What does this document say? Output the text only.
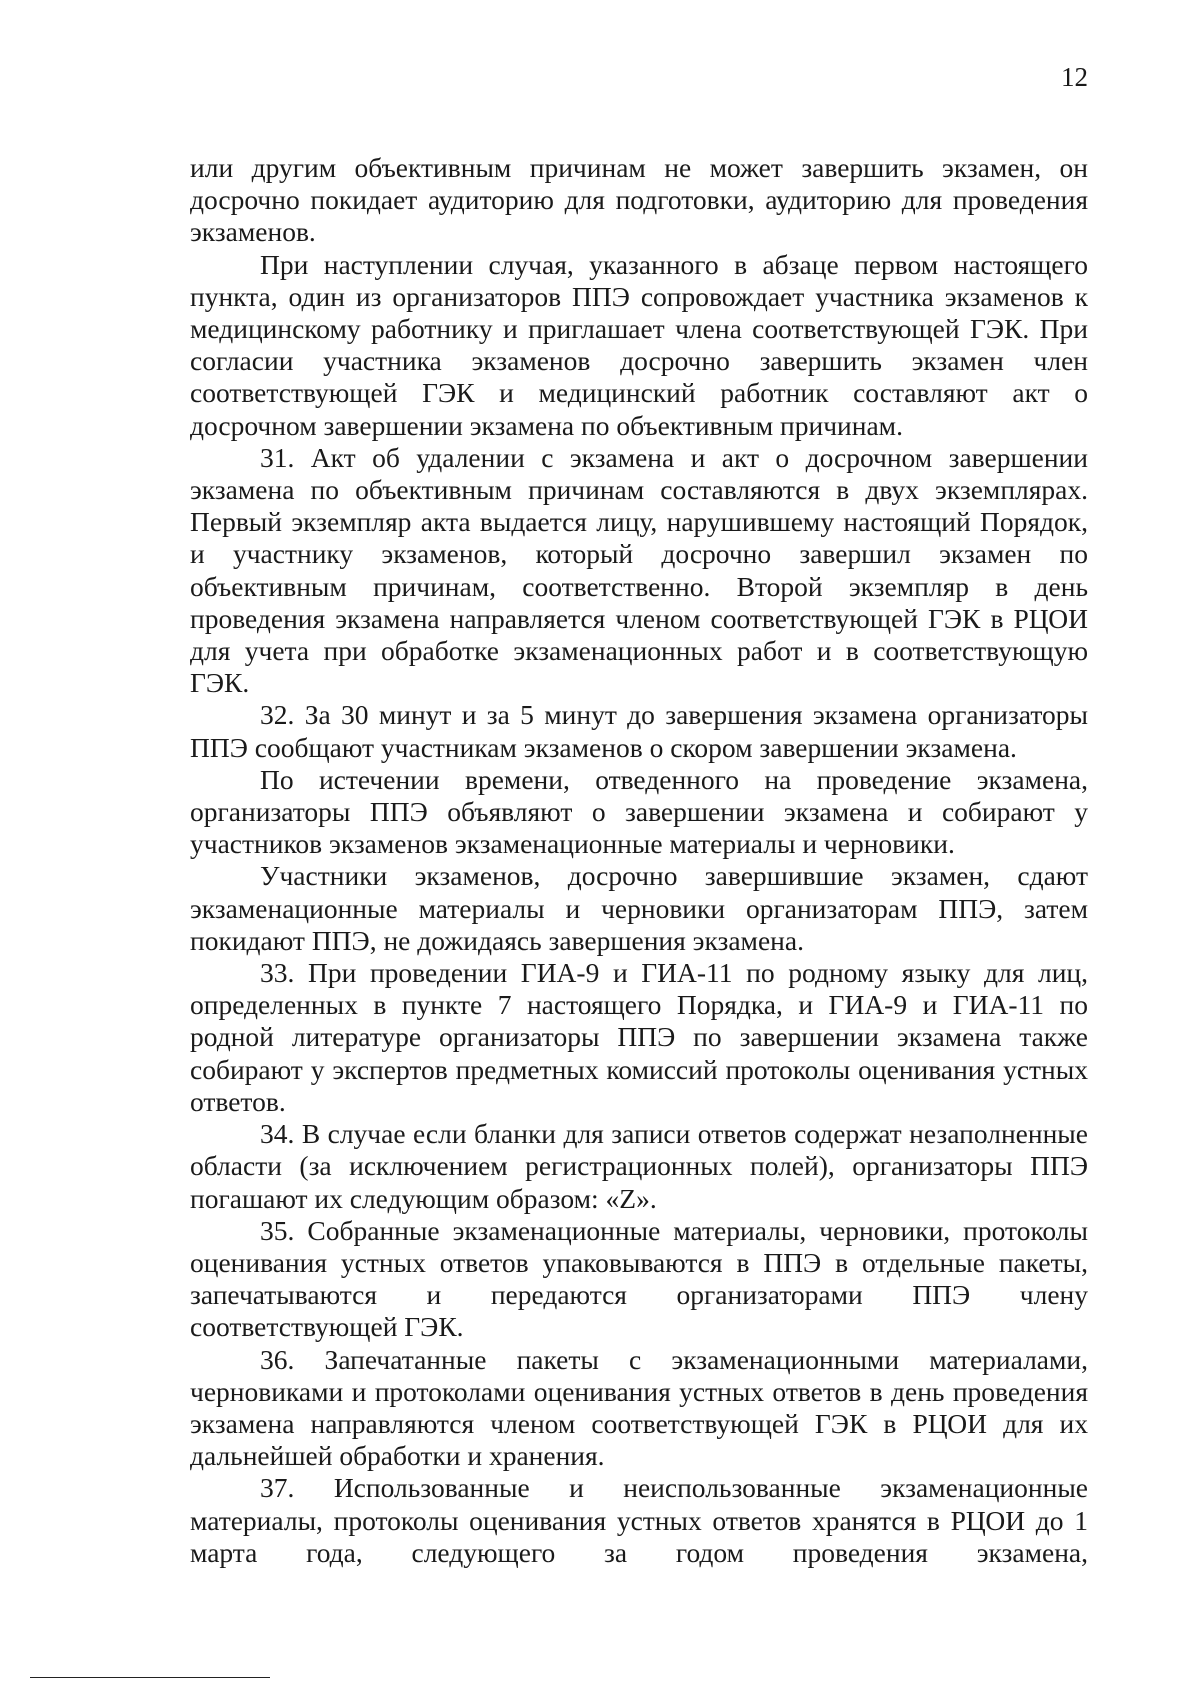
12

или другим объективным причинам не может завершить экзамен, он досрочно покидает аудиторию для подготовки, аудиторию для проведения экзаменов.

При наступлении случая, указанного в абзаце первом настоящего пункта, один из организаторов ППЭ сопровождает участника экзаменов к медицинскому работнику и приглашает члена соответствующей ГЭК. При согласии участника экзаменов досрочно завершить экзамен член соответствующей ГЭК и медицинский работник составляют акт о досрочном завершении экзамена по объективным причинам.

31. Акт об удалении с экзамена и акт о досрочном завершении экзамена по объективным причинам составляются в двух экземплярах. Первый экземпляр акта выдается лицу, нарушившему настоящий Порядок, и участнику экзаменов, который досрочно завершил экзамен по объективным причинам, соответственно. Второй экземпляр в день проведения экзамена направляется членом соответствующей ГЭК в РЦОИ для учета при обработке экзаменационных работ и в соответствующую ГЭК.

32. За 30 минут и за 5 минут до завершения экзамена организаторы ППЭ сообщают участникам экзаменов о скором завершении экзамена.

По истечении времени, отведенного на проведение экзамена, организаторы ППЭ объявляют о завершении экзамена и собирают у участников экзаменов экзаменационные материалы и черновики.

Участники экзаменов, досрочно завершившие экзамен, сдают экзаменационные материалы и черновики организаторам ППЭ, затем покидают ППЭ, не дожидаясь завершения экзамена.

33. При проведении ГИА-9 и ГИА-11 по родному языку для лиц, определенных в пункте 7 настоящего Порядка, и ГИА-9 и ГИА-11 по родной литературе организаторы ППЭ по завершении экзамена также собирают у экспертов предметных комиссий протоколы оценивания устных ответов.

34. В случае если бланки для записи ответов содержат незаполненные области (за исключением регистрационных полей), организаторы ППЭ погашают их следующим образом: «Z».

35. Собранные экзаменационные материалы, черновики, протоколы оценивания устных ответов упаковываются в ППЭ в отдельные пакеты, запечатываются и передаются организаторами ППЭ члену соответствующей ГЭК.

36. Запечатанные пакеты с экзаменационными материалами, черновиками и протоколами оценивания устных ответов в день проведения экзамена направляются членом соответствующей ГЭК в РЦОИ для их дальнейшей обработки и хранения.

37. Использованные и неиспользованные экзаменационные материалы, протоколы оценивания устных ответов хранятся в РЦОИ до 1 марта года, следующего за годом проведения экзамена,
